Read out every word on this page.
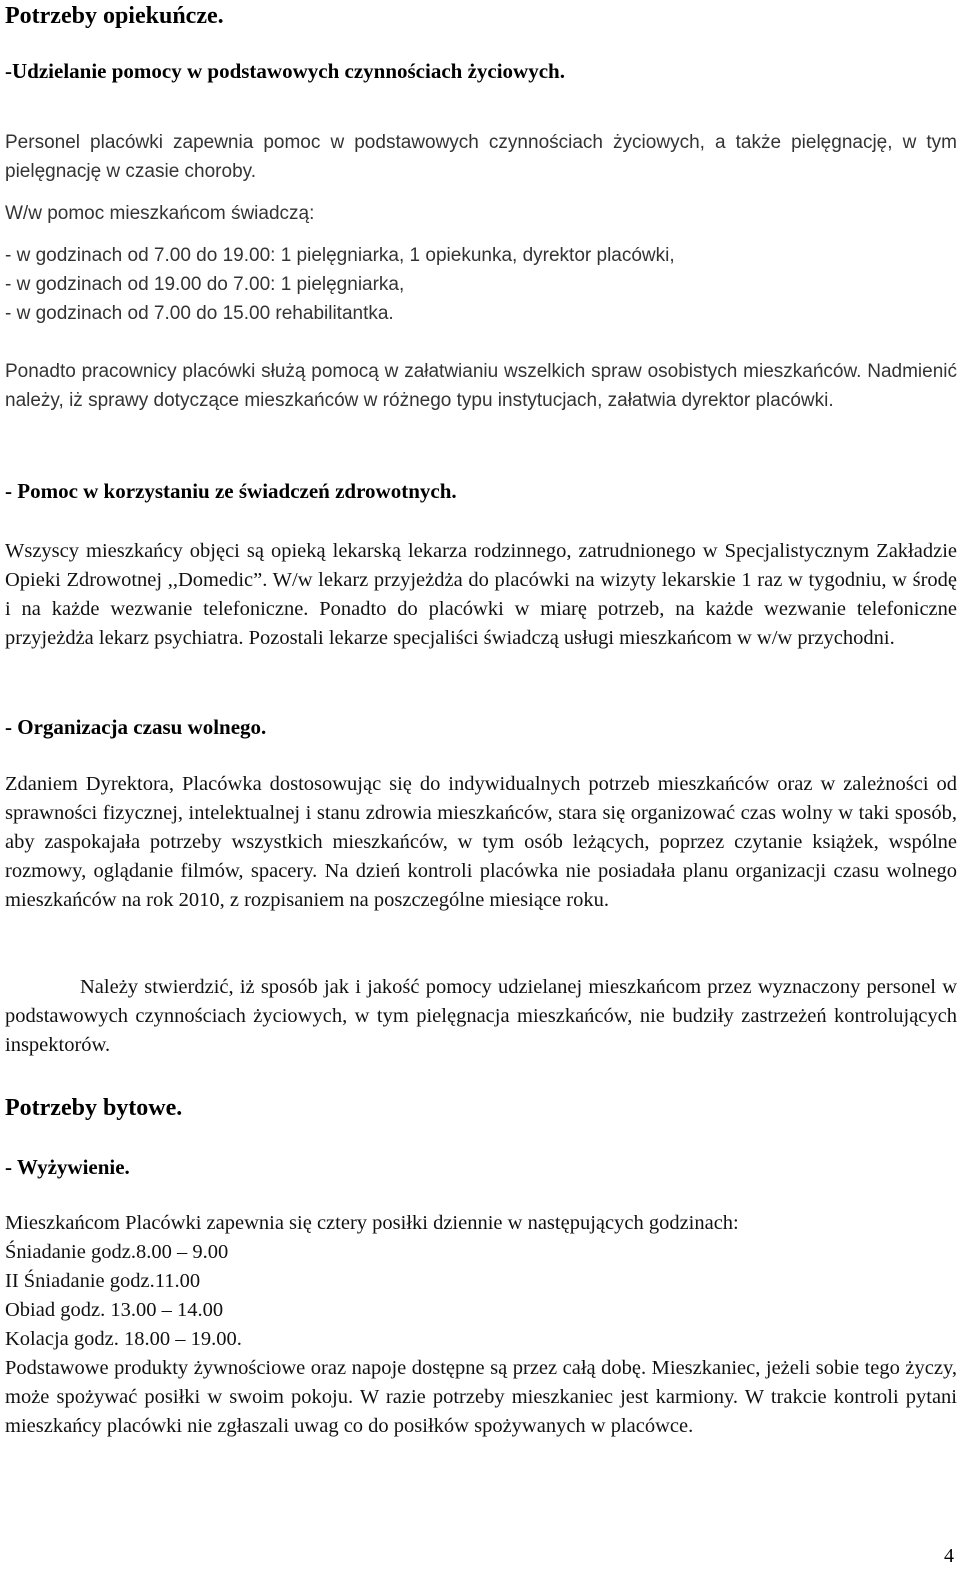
Potrzeby opiekuńcze.
-Udzielanie pomocy w podstawowych czynnościach życiowych.

Personel placówki zapewnia pomoc w podstawowych czynnościach życiowych, a także pielęgnację, w tym pielęgnację w czasie choroby.

W/w pomoc mieszkańcom świadczą:

- w godzinach od 7.00 do 19.00: 1 pielęgniarka, 1 opiekunka, dyrektor placówki,
- w godzinach od 19.00 do 7.00: 1 pielęgniarka,
- w godzinach od 7.00 do 15.00 rehabilitantka.

Ponadto pracownicy placówki służą pomocą w załatwianiu wszelkich spraw osobistych mieszkańców. Nadmienić należy, iż sprawy dotyczące mieszkańców w różnego typu instytucjach, załatwia dyrektor placówki.

- Pomoc w korzystaniu ze świadczeń zdrowotnych.

Wszyscy mieszkańcy objęci są opieką lekarską lekarza rodzinnego, zatrudnionego w Specjalistycznym Zakładzie Opieki Zdrowotnej ,,Domedic”. W/w lekarz przyjeżdża do placówki na wizyty lekarskie 1 raz w tygodniu, w środę i na każde wezwanie telefoniczne. Ponadto do placówki w miarę potrzeb, na każde wezwanie telefoniczne przyjeżdża lekarz psychiatra. Pozostali lekarze specjaliści świadczą usługi mieszkańcom w w/w przychodni.

- Organizacja czasu wolnego.

Zdaniem Dyrektora, Placówka dostosowując się do indywidualnych potrzeb mieszkańców oraz w zależności od sprawności fizycznej, intelektualnej i stanu zdrowia mieszkańców, stara się organizować czas wolny w taki sposób, aby zaspokajała potrzeby wszystkich mieszkańców, w tym osób leżących, poprzez czytanie książek, wspólne rozmowy, oglądanie filmów, spacery. Na dzień kontroli placówka nie posiadała planu organizacji czasu wolnego mieszkańców na rok 2010, z rozpisaniem na poszczególne miesiące roku.

Należy stwierdzić, iż sposób jak i jakość pomocy udzielanej mieszkańcom przez wyznaczony personel w podstawowych czynnościach życiowych, w tym pielęgnacja mieszkańców, nie budziły zastrzeżeń kontrolujących inspektorów.

Potrzeby bytowe.
- Wyżywienie.

Mieszkańcom Placówki zapewnia się cztery posiłki dziennie w następujących godzinach:

Śniadanie godz.8.00 – 9.00
II Śniadanie godz.11.00
Obiad godz. 13.00 – 14.00
Kolacja godz. 18.00 – 19.00.

Podstawowe produkty żywnościowe oraz napoje dostępne są przez całą dobę. Mieszkaniec, jeżeli sobie tego życzy, może spożywać posiłki w swoim pokoju. W razie potrzeby mieszkaniec jest karmiony. W trakcie kontroli pytani mieszkańcy placówki nie zgłaszali uwag co do posiłków spożywanych w placówce.

4
